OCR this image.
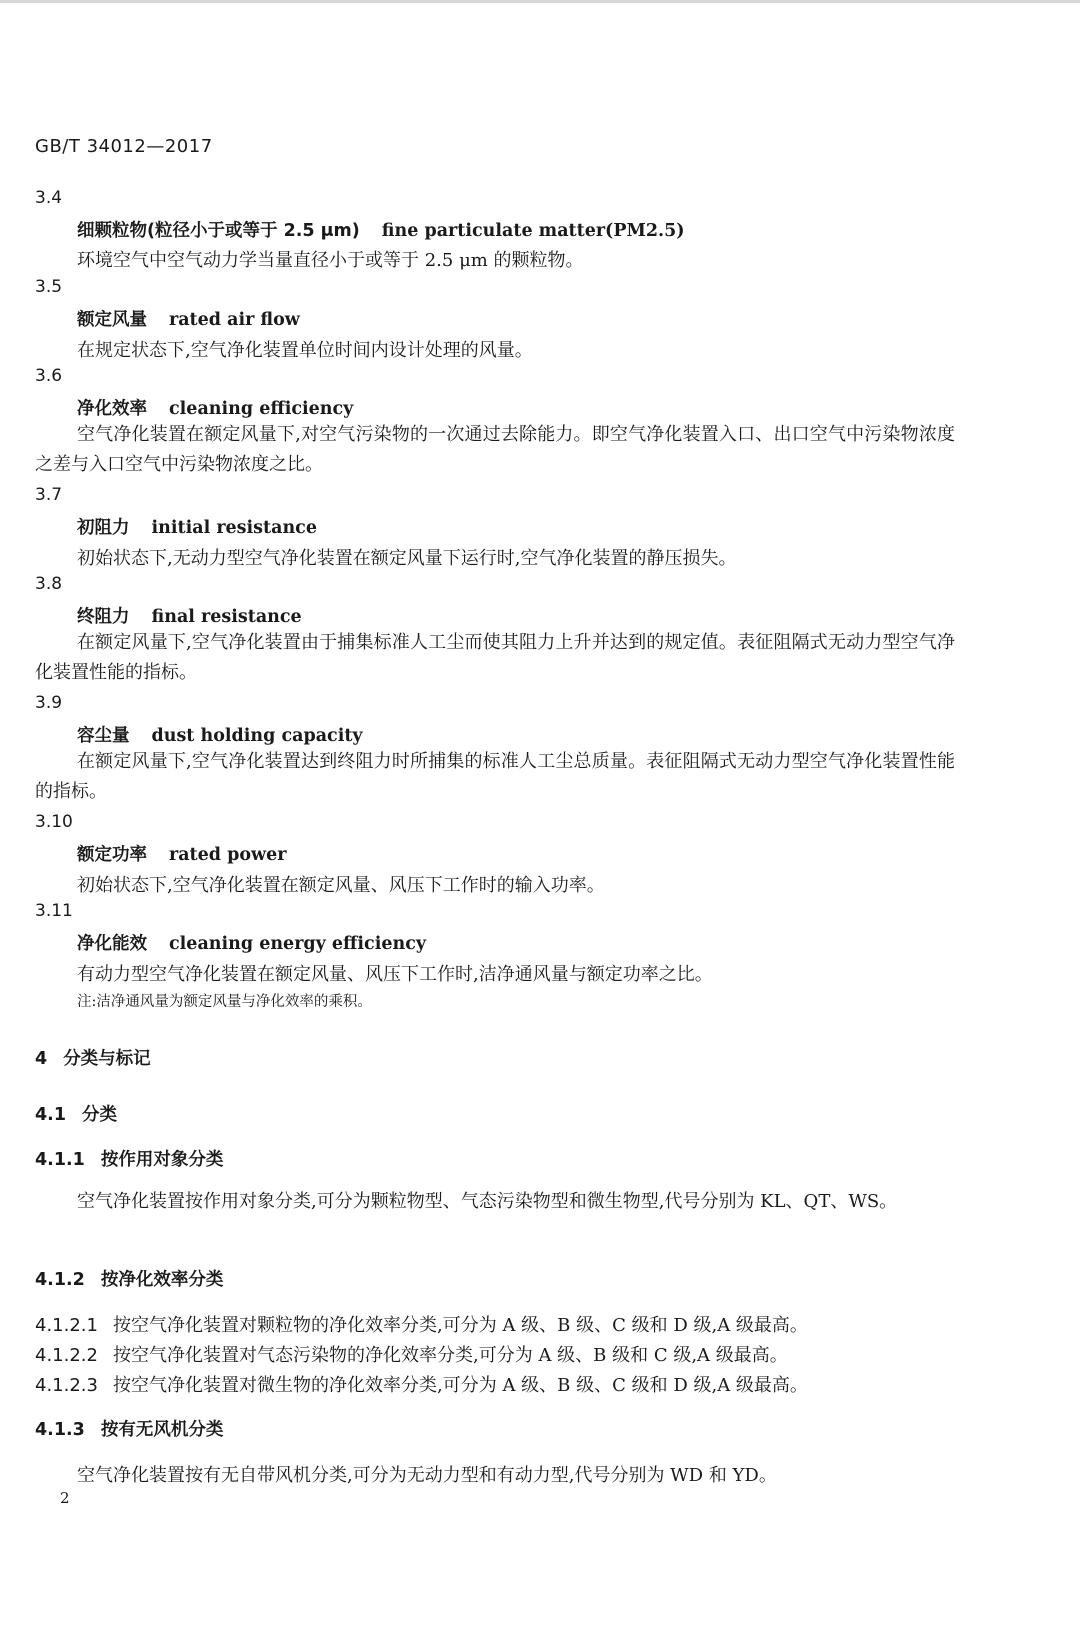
GB/T 34012—2017
3.4
细颗粒物(粒径小于或等于 2.5 μm) fine particulate matter(PM2.5)
环境空气中空气动力学当量直径小于或等于 2.5 μm 的颗粒物。
3.5
额定风量 rated air flow
在规定状态下,空气净化装置单位时间内设计处理的风量。
3.6
净化效率 cleaning efficiency
空气净化装置在额定风量下,对空气污染物的一次通过去除能力。即空气净化装置入口、出口空气中污染物浓度之差与入口空气中污染物浓度之比。
3.7
初阻力 initial resistance
初始状态下,无动力型空气净化装置在额定风量下运行时,空气净化装置的静压损失。
3.8
终阻力 final resistance
在额定风量下,空气净化装置由于捕集标准人工尘而使其阻力上升并达到的规定值。表征阻隔式无动力型空气净化装置性能的指标。
3.9
容尘量 dust holding capacity
在额定风量下,空气净化装置达到终阻力时所捕集的标准人工尘总质量。表征阻隔式无动力型空气净化装置性能的指标。
3.10
额定功率 rated power
初始状态下,空气净化装置在额定风量、风压下工作时的输入功率。
3.11
净化能效 cleaning energy efficiency
有动力型空气净化装置在额定风量、风压下工作时,洁净通风量与额定功率之比。
注:洁净通风量为额定风量与净化效率的乘积。
4 分类与标记
4.1 分类
4.1.1 按作用对象分类
空气净化装置按作用对象分类,可分为颗粒物型、气态污染物型和微生物型,代号分别为 KL、QT、WS。
4.1.2 按净化效率分类
4.1.2.1 按空气净化装置对颗粒物的净化效率分类,可分为 A 级、B 级、C 级和 D 级,A 级最高。
4.1.2.2 按空气净化装置对气态污染物的净化效率分类,可分为 A 级、B 级和 C 级,A 级最高。
4.1.2.3 按空气净化装置对微生物的净化效率分类,可分为 A 级、B 级、C 级和 D 级,A 级最高。
4.1.3 按有无风机分类
空气净化装置按有无自带风机分类,可分为无动力型和有动力型,代号分别为 WD 和 YD。
2
